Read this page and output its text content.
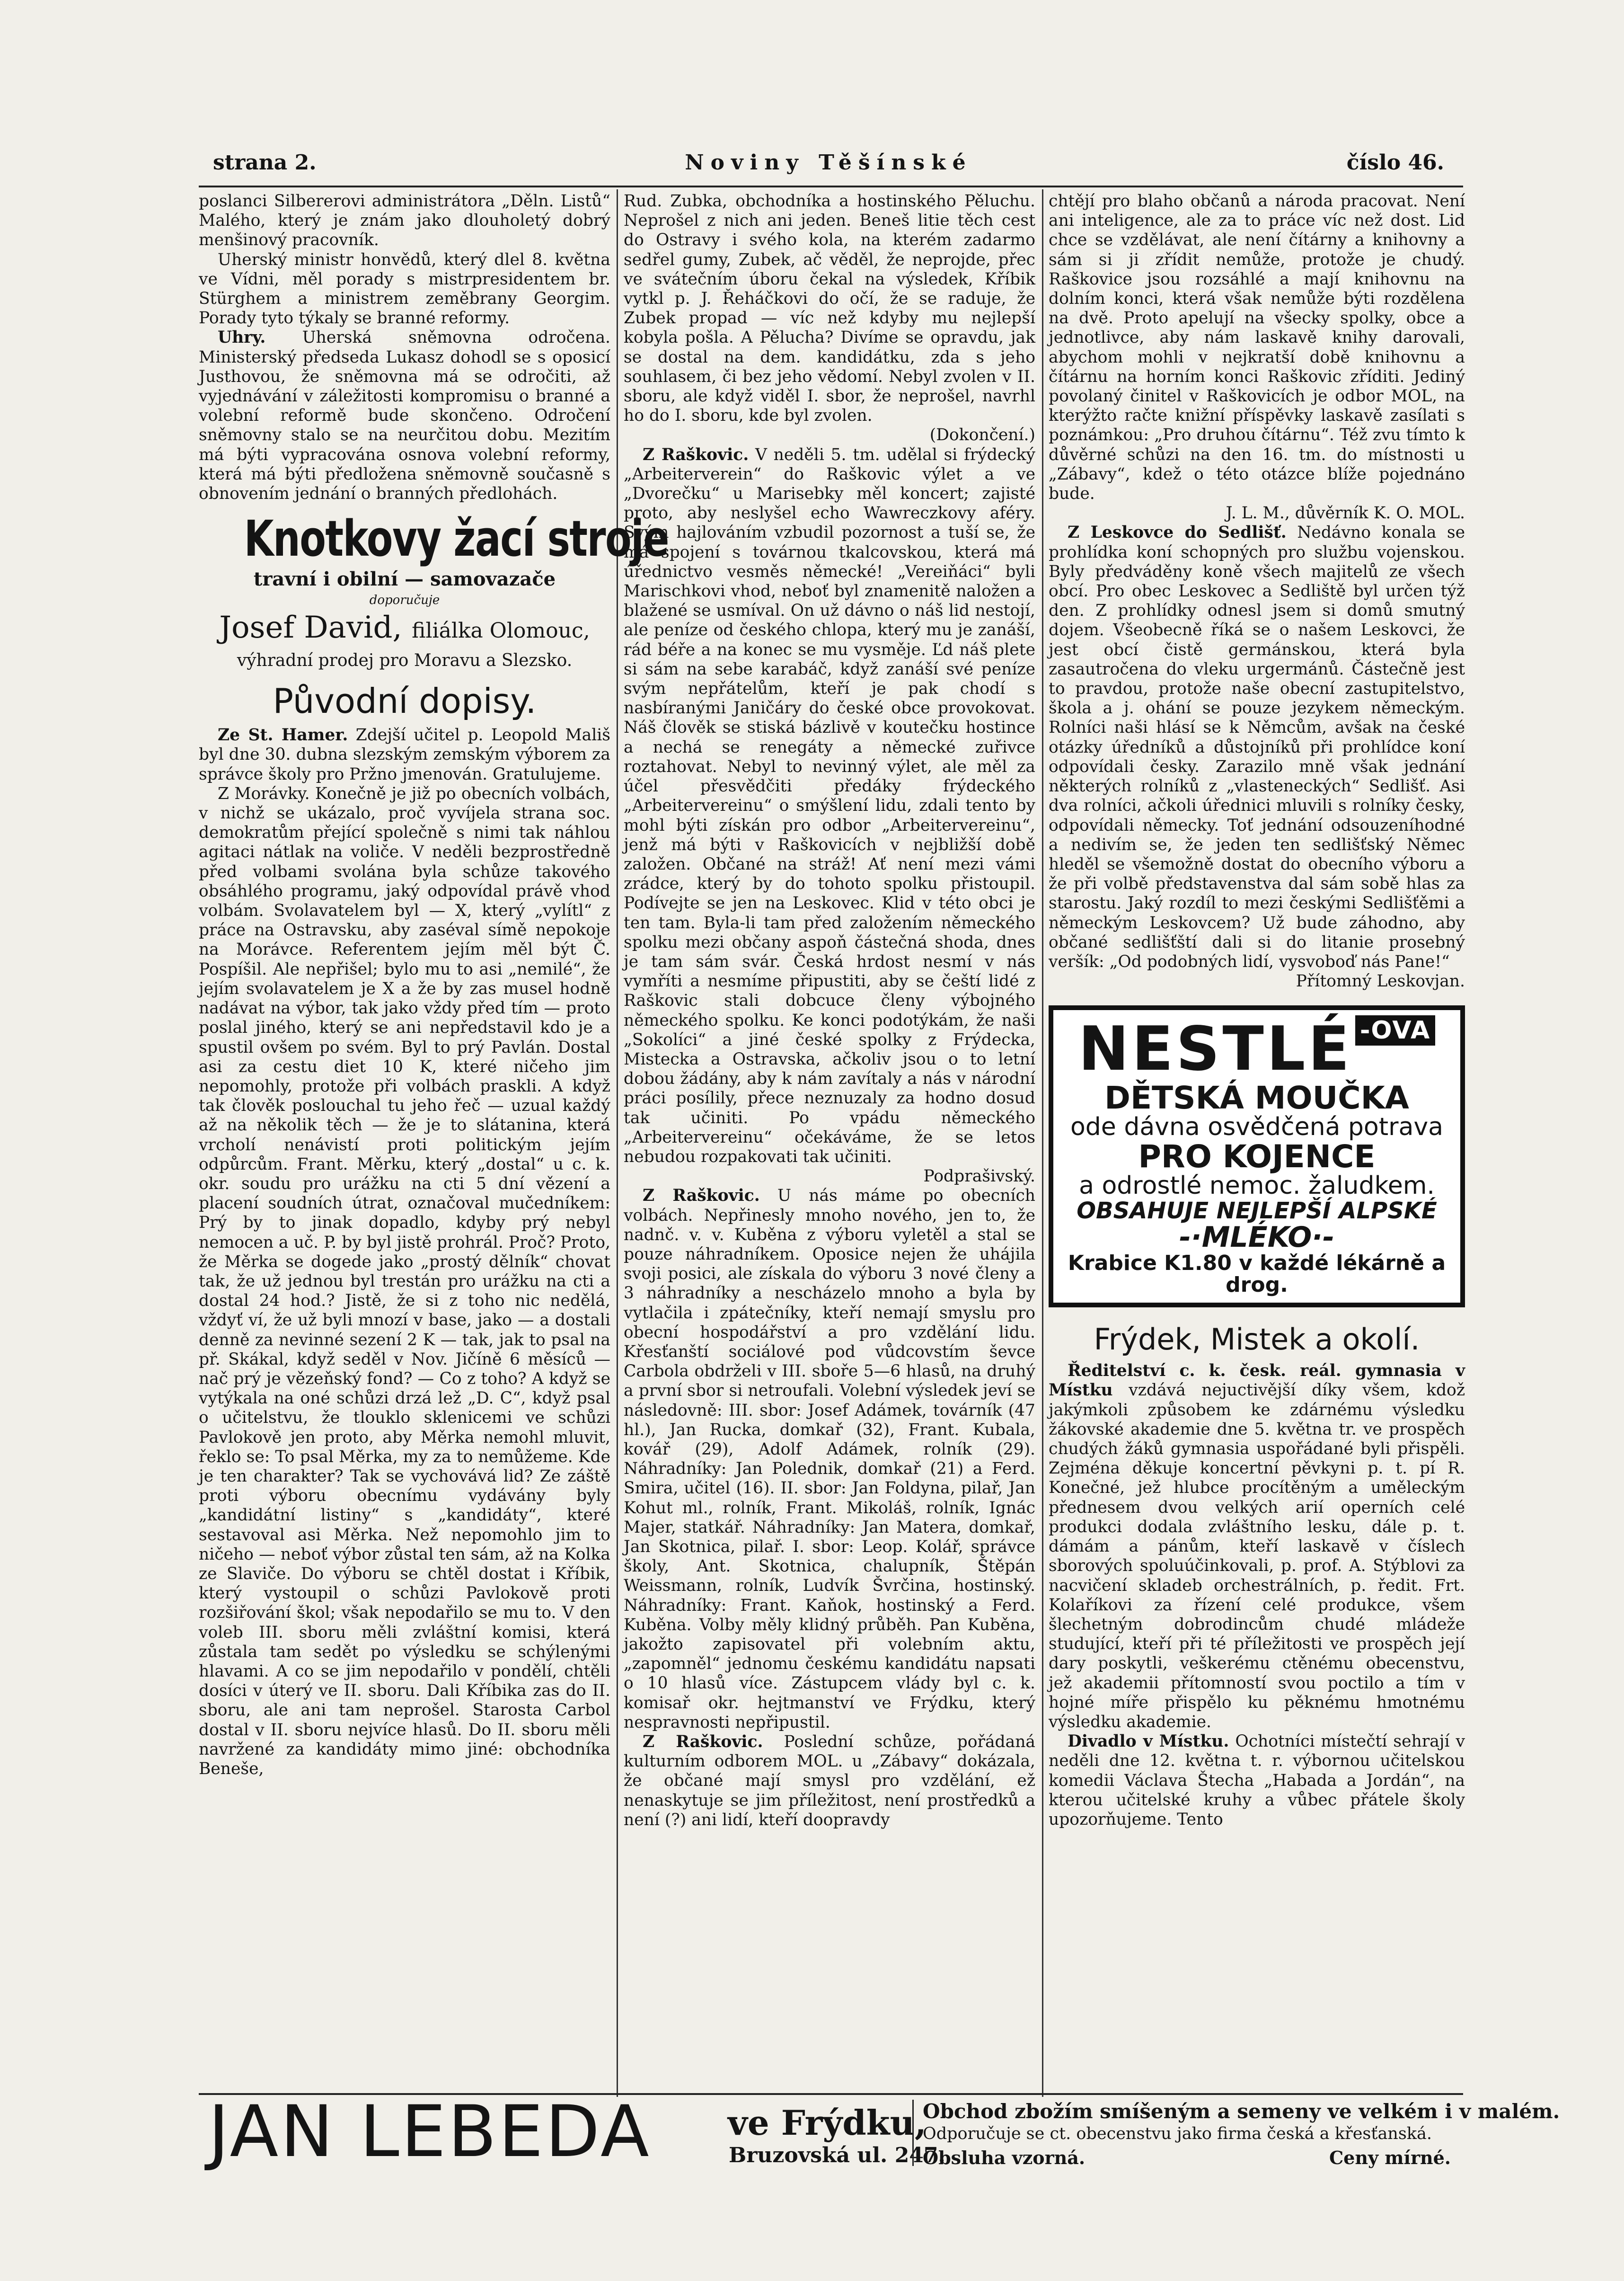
strana 2.	Noviny Těšínské	číslo 46.

poslanci Silbererovi administrátora „Děln. Listů“ Malého, který je znám jako dlouholetý dobrý menšinový pracovník.

Uherský ministr honvědů, který dlel 8. května ve Vídni, měl porady s mistrpresidentem br. Stürghem a ministrem zeměbrany Georgim. Porady tyto týkaly se branné reformy.

Uhry. Uherská sněmovna odročena. Ministerský předseda Lukasz dohodl se s oposicí Justhovou, že sněmovna má se odročiti, až vyjednávání v záležitosti kompromisu o branné a volební reformě bude skončeno. Odročení sněmovny stalo se na neurčitou dobu. Mezitím má býti vypracována osnova volební reformy, která má býti předložena sněmovně současně s obnovením jednání o branných předlohách.

Knotkovy žací stroje
travní i obilní — samovazače
doporučuje
Josef David, filiálka Olomouc,
výhradní prodej pro Moravu a Slezsko.
Původní dopisy.

Ze St. Hamer. Zdejší učitel p. Leopold Mališ byl dne 30. dubna slezským zemským výborem za správce školy pro Pržno jmenován. Gratulujeme.

Z Morávky. Konečně je již po obecních volbách, v nichž se ukázalo, proč vyvíjela strana soc. demokratům přející společně s nimi tak náhlou agitaci nátlak na voliče. V neděli bezprostředně před volbami svolána byla schůze takového obsáhlého programu, jaký odpovídal právě vhod volbám. Svolavatelem byl — X, který „vylítl“ z práce na Ostravsku, aby zaséval símě nepokoje na Morávce. Referentem jejím měl být Č. Pospíšil. Ale nepřišel; bylo mu to asi „nemilé“, že jejím svolavatelem je X a že by zas musel hodně nadávat na výbor, tak jako vždy před tím — proto poslal jiného, který se ani nepředstavil kdo je a spustil ovšem po svém. Byl to prý Pavlán. Dostal asi za cestu diet 10 K, které ničeho jim nepomohly, protože při volbách praskli. A když tak člověk poslouchal tu jeho řeč — uzual každý až na několik těch — že je to slátanina, která vrcholí nenávistí proti politickým jejím odpůrcům. Frant. Měrku, který „dostal“ u c. k. okr. soudu pro urážku na cti 5 dní vězení a placení soudních útrat, označoval mučedníkem: Prý by to jinak dopadlo, kdyby prý nebyl nemocen a uč. P. by byl jistě prohrál. Proč? Proto, že Měrka se dogede jako „prostý dělník“ chovat tak, že už jednou byl trestán pro urážku na cti a dostal 24 hod.? Jistě, že si z toho nic nedělá, vždyť ví, že už byli mnozí v base, jako — a dostali denně za nevinné sezení 2 K — tak, jak to psal na př. Skákal, když seděl v Nov. Jičíně 6 měsíců — nač prý je vězeňský fond? — Co z toho? A když se vytýkala na oné schůzi drzá lež „D. C“, když psal o učitelstvu, že tlouklo sklenicemi ve schůzi Pavlokově jen proto, aby Měrka nemohl mluvit, řeklo se: To psal Měrka, my za to nemůžeme. Kde je ten charakter? Tak se vychovává lid? Ze záště proti výboru obecnímu vydávány byly „kandidátní listiny“ s „kandidáty“, které sestavoval asi Měrka. Než nepomohlo jim to ničeho — neboť výbor zůstal ten sám, až na Kolka ze Slaviče. Do výboru se chtěl dostat i Kříbik, který vystoupil o schůzi Pavlokově proti rozšiřování škol; však nepodařilo se mu to. V den voleb III. sboru měli zvláštní komisi, která zůstala tam sedět po výsledku se schýlenými hlavami. A co se jim nepodařilo v pondělí, chtěli dosíci v úterý ve II. sboru. Dali Kříbika zas do II. sboru, ale ani tam neprošel. Starosta Carbol dostal v II. sboru nejvíce hlasů. Do II. sboru měli navržené za kandidáty mimo jiné: obchodníka Beneše,

Rud. Zubka, obchodníka a hostinského Pěluchu. Neprošel z nich ani jeden. Beneš litie těch cest do Ostravy i svého kola, na kterém zadarmo sedřel gumy, Zubek, ač věděl, že neprojde, přec ve svátečním úboru čekal na výsledek, Kříbik vytkl p. J. Řeháčkovi do očí, že se raduje, že Zubek propad — víc než kdyby mu nejlepší kobyla pošla. A Pělucha? Divíme se opravdu, jak se dostal na dem. kandidátku, zda s jeho souhlasem, či bez jeho vědomí. Nebyl zvolen v II. sboru, ale když viděl I. sbor, že neprošel, navrhl ho do I. sboru, kde byl zvolen.

(Dokončení.)

Z Raškovic. V neděli 5. tm. udělal si frýdecký „Arbeiterverein“ do Raškovic výlet a ve „Dvorečku“ u Marisebky měl koncert; zajisté proto, aby neslyšel echo Wawreczkovy aféry. Svým hajlováním vzbudil pozornost a tuší se, že má spojení s továrnou tkalcovskou, která má úřednictvo vesměs německé! „Vereiňáci“ byli Marischkovi vhod, neboť byl znamenitě naložen a blažené se usmíval. On už dávno o náš lid nestojí, ale peníze od českého chlopa, který mu je zanáší, rád béře a na konec se mu vysměje. Ľd náš plete si sám na sebe karabáč, když zanáší své peníze svým nepřátelům, kteří je pak chodí s nasbíranými Janičáry do české obce provokovat. Náš člověk se stiská bázlivě v koutečku hostince a nechá se renegáty a německé zuřivce roztahovat. Nebyl to nevinný výlet, ale měl za účel přesvědčiti předáky frýdeckého „Arbeitervereinu“ o smýšlení lidu, zdali tento by mohl býti získán pro odbor „Arbeitervereinu“, jenž má býti v Raškovicích v nejbližší době založen. Občané na stráž! Ať není mezi vámi zrádce, který by do tohoto spolku přistoupil. Podívejte se jen na Leskovec. Klid v této obci je ten tam. Byla-li tam před založením německého spolku mezi občany aspoň částečná shoda, dnes je tam sám svár. Česká hrdost nesmí v nás vymříti a nesmíme připustiti, aby se čeští lidé z Raškovic stali dobcuce členy výbojného německého spolku. Ke konci podotýkám, že naši „Sokolíci“ a jiné české spolky z Frýdecka, Mistecka a Ostravska, ačkoliv jsou o to letní dobou žádány, aby k nám zavítaly a nás v národní práci posílily, přece neznuzaly za hodno dosud tak učiniti. Po vpádu německého „Arbeitervereinu“ očekáváme, že se letos nebudou rozpakovati tak učiniti.

Podprašivský.

Z Raškovic. U nás máme po obecních volbách. Nepřinesly mnoho nového, jen to, že nadnč. v. v. Kuběna z výboru vyletěl a stal se pouze náhradníkem. Oposice nejen že uhájila svoji posici, ale získala do výboru 3 nové členy a 3 náhradníky a nescházelo mnoho a byla by vytlačila i zpátečníky, kteří nemají smyslu pro obecní hospodářství a pro vzdělání lidu. Křesťanští sociálové pod vůdcovstím ševce Carbola obdrželi v III. sboře 5—6 hlasů, na druhý a první sbor si netroufali. Volební výsledek jeví se následovně: III. sbor: Josef Adámek, továrník (47 hl.), Jan Rucka, domkař (32), Frant. Kubala, kovář (29), Adolf Adámek, rolník (29). Náhradníky: Jan Polednik, domkař (21) a Ferd. Smira, učitel (16). II. sbor: Jan Foldyna, pilař, Jan Kohut ml., rolník, Frant. Mikoláš, rolník, Ignác Majer, statkář. Náhradníky: Jan Matera, domkař, Jan Skotnica, pilař. I. sbor: Leop. Kolář, správce školy, Ant. Skotnica, chalupník, Štěpán Weissmann, rolník, Ludvík Švrčina, hostinský. Náhradníky: Frant. Kaňok, hostinský a Ferd. Kuběna. Volby měly klidný průběh. Pan Kuběna, jakožto zapisovatel při volebním aktu, „zapomněl“ jednomu českému kandidátu napsati o 10 hlasů více. Zástupcem vlády byl c. k. komisař okr. hejtmanství ve Frýdku, který nespravnosti nepřipustil.

Z Raškovic. Poslední schůze, pořádaná kulturním odborem MOL. u „Zábavy“ dokázala, že občané mají smysl pro vzdělání, ež nenaskytuje se jim příležitost, není prostředků a není (?) ani lidí, kteří doopravdy

chtějí pro blaho občanů a národa pracovat. Není ani inteligence, ale za to práce víc než dost. Lid chce se vzdělávat, ale není čítárny a knihovny a sám si ji zřídit nemůže, protože je chudý. Raškovice jsou rozsáhlé a mají knihovnu na dolním konci, která však nemůže býti rozdělena na dvě. Proto apelují na všecky spolky, obce a jednotlivce, aby nám laskavě knihy darovali, abychom mohli v nejkratší době knihovnu a čítárnu na horním konci Raškovic zříditi. Jediný povolaný činitel v Raškovicích je odbor MOL, na kterýžto račte knižní příspěvky laskavě zasílati s poznámkou: „Pro druhou čítárnu“. Též zvu tímto k důvěrné schůzi na den 16. tm. do místnosti u „Zábavy“, kdež o této otázce blíže pojednáno bude.

J. L. M., důvěrník K. O. MOL.

Z Leskovce do Sedlišť. Nedávno konala se prohlídka koní schopných pro službu vojenskou. Byly předváděny koně všech majitelů ze všech obcí. Pro obec Leskovec a Sedliště byl určen týž den. Z prohlídky odnesl jsem si domů smutný dojem. Všeobecně říká se o našem Leskovci, že jest obcí čistě germánskou, která byla zasautročena do vleku urgermánů. Částečně jest to pravdou, protože naše obecní zastupitelstvo, škola a j. ohání se pouze jezykem německým. Rolníci naši hlásí se k Němcům, avšak na české otázky úředníků a důstojníků při prohlídce koní odpovídali česky. Zarazilo mně však jednání některých rolníků z „vlasteneckých“ Sedlišť. Asi dva rolníci, ačkoli úřednici mluvili s rolníky česky, odpovídali německy. Toť jednání odsouzeníhodné a nedivím se, že jeden ten sedlišťský Němec hleděl se všemožně dostat do obecního výboru a že při volbě představenstva dal sám sobě hlas za starostu. Jaký rozdíl to mezi českými Sedlišťěmi a německým Leskovcem? Už bude záhodno, aby občané sedlišťští dali si do litanie prosebný veršík: „Od podobných lidí, vysvoboď nás Pane!“

Přítomný Leskovjan.

NESTLÉ $^{-OVA}$
DĚTSKÁ MOUČKA
ode dávna osvědčená potrava
PRO KOJENCE
a odrostlé nemoc. žaludkem.
OBSAHUJE NEJLEPŠÍ ALPSKÉ
-·MLÉKO·-
Krabice K1.80 v každé lékárně a drog.
Frýdek, Mistek a okolí.

Ředitelství c. k. česk. reál. gymnasia v Místku vzdává nejuctivější díky všem, kdož jakýmkoli způsobem ke zdárnému výsledku žákovské akademie dne 5. května tr. ve prospěch chudých žáků gymnasia uspořádané byli přispěli. Zejména děkuje koncertní pěvkyni p. t. pí R. Konečné, jež hlubce procítěným a uměleckým přednesem dvou velkých arií operních celé produkci dodala zvláštního lesku, dále p. t. dámám a pánům, kteří laskavě v číslech sborových spoluúčinkovali, p. prof. A. Stýblovi za nacvičení skladeb orchestrálních, p. ředit. Frt. Kolaříkovi za řízení celé produkce, všem šlechetným dobrodincům chudé mládeže studující, kteří při té příležitosti ve prospěch její dary poskytli, veškerému ctěnému obecenstvu, jež akademii přítomností svou poctilo a tím v hojné míře přispělo ku pěknému hmotnému výsledku akademie.

Divadlo v Místku. Ochotníci místečtí sehrají v neděli dne 12. května t. r. výbornou učitelskou komedii Václava Štecha „Habada a Jordán“, na kterou učitelské kruhy a vůbec přátele školy upozorňujeme. Tento

JAN LEBEDA ve Frýdku,
Bruzovská ul. 247.
Obchod zbožím smíšeným a semeny ve velkém i v malém.
Odporučuje se ct. obecenstvu jako firma česká a křesťanská.
Obsluha vzorná.	Ceny mírné.
